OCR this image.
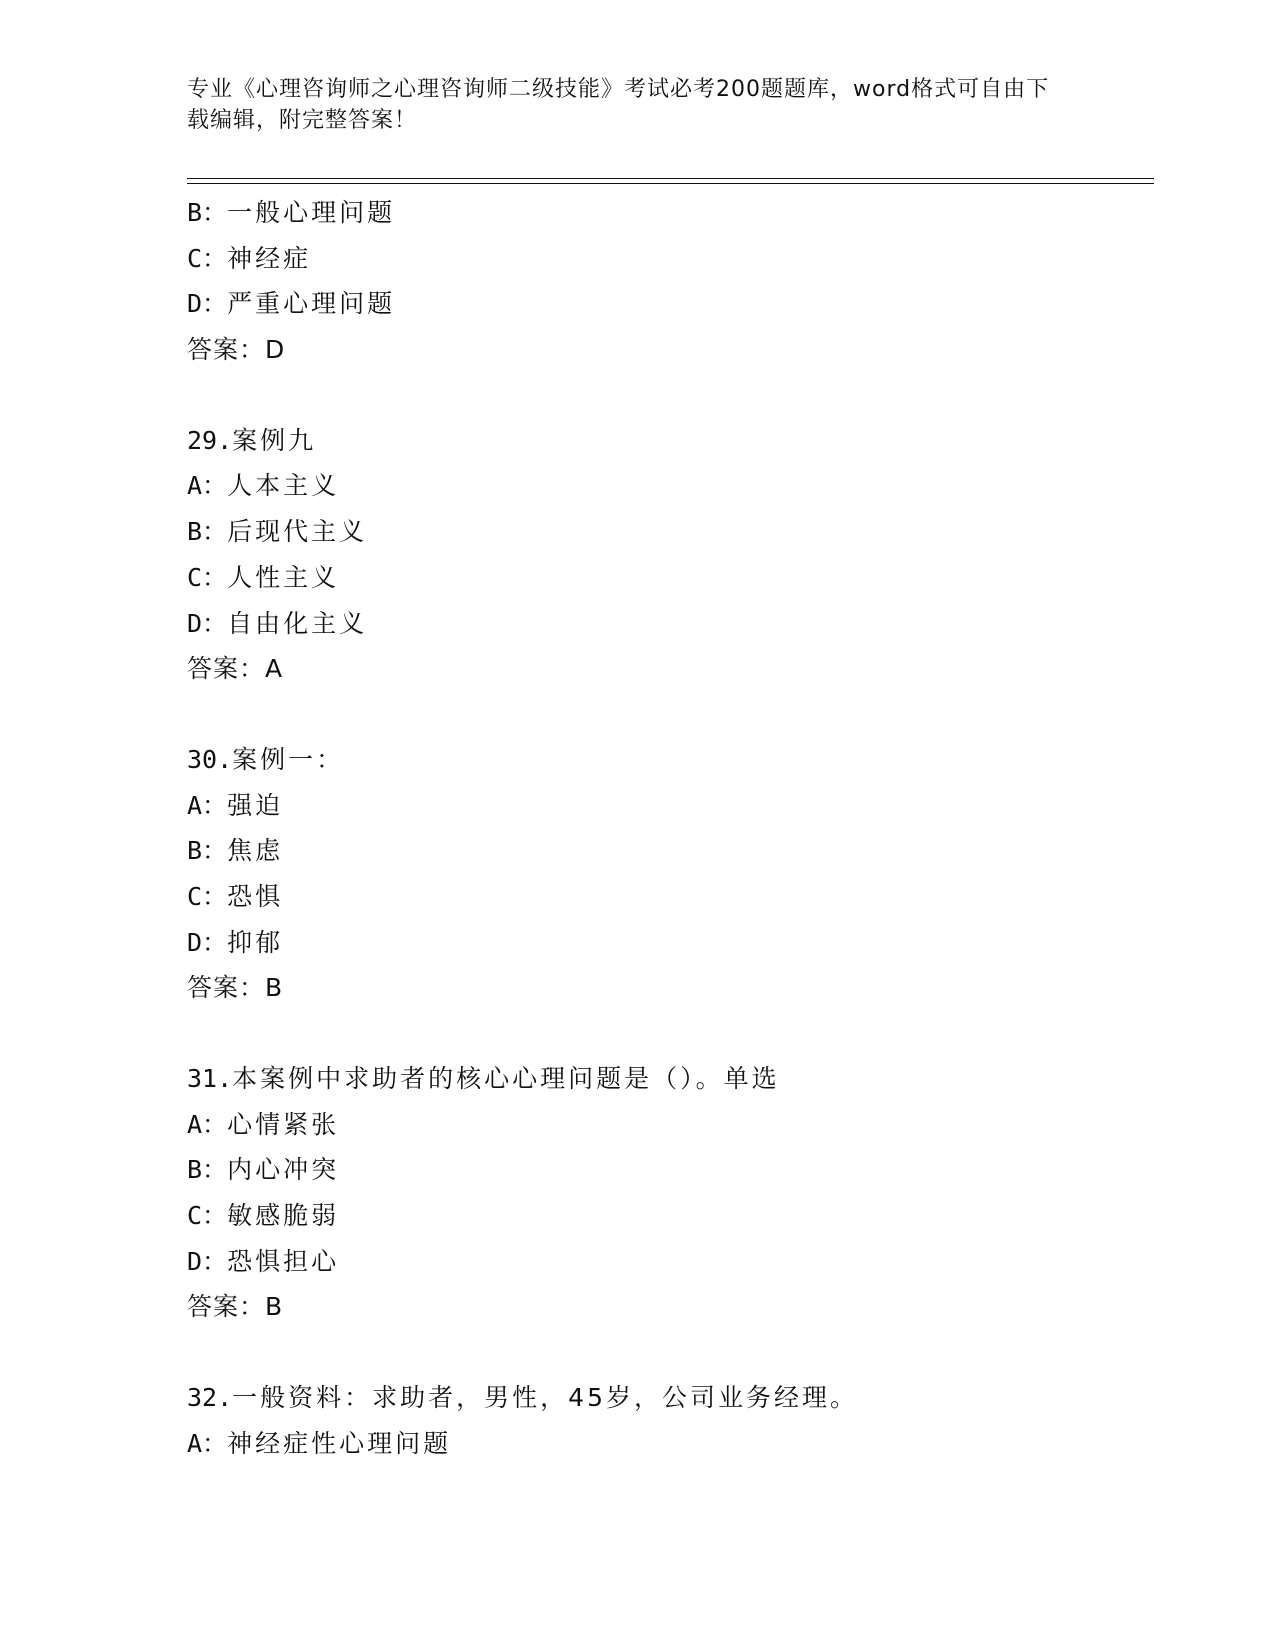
专业《心理咨询师之心理咨询师二级技能》考试必考200题题库，word格式可自由下载编辑，附完整答案！
B：一般心理问题
C：神经症
D：严重心理问题
答案：D
29.案例九
A：人本主义
B：后现代主义
C：人性主义
D：自由化主义
答案：A
30.案例一：
A：强迫
B：焦虑
C：恐惧
D：抑郁
答案：B
31.本案例中求助者的核心心理问题是（）。单选
A：心情紧张
B：内心冲突
C：敏感脆弱
D：恐惧担心
答案：B
32.一般资料：求助者，男性，45岁，公司业务经理。
A：神经症性心理问题
